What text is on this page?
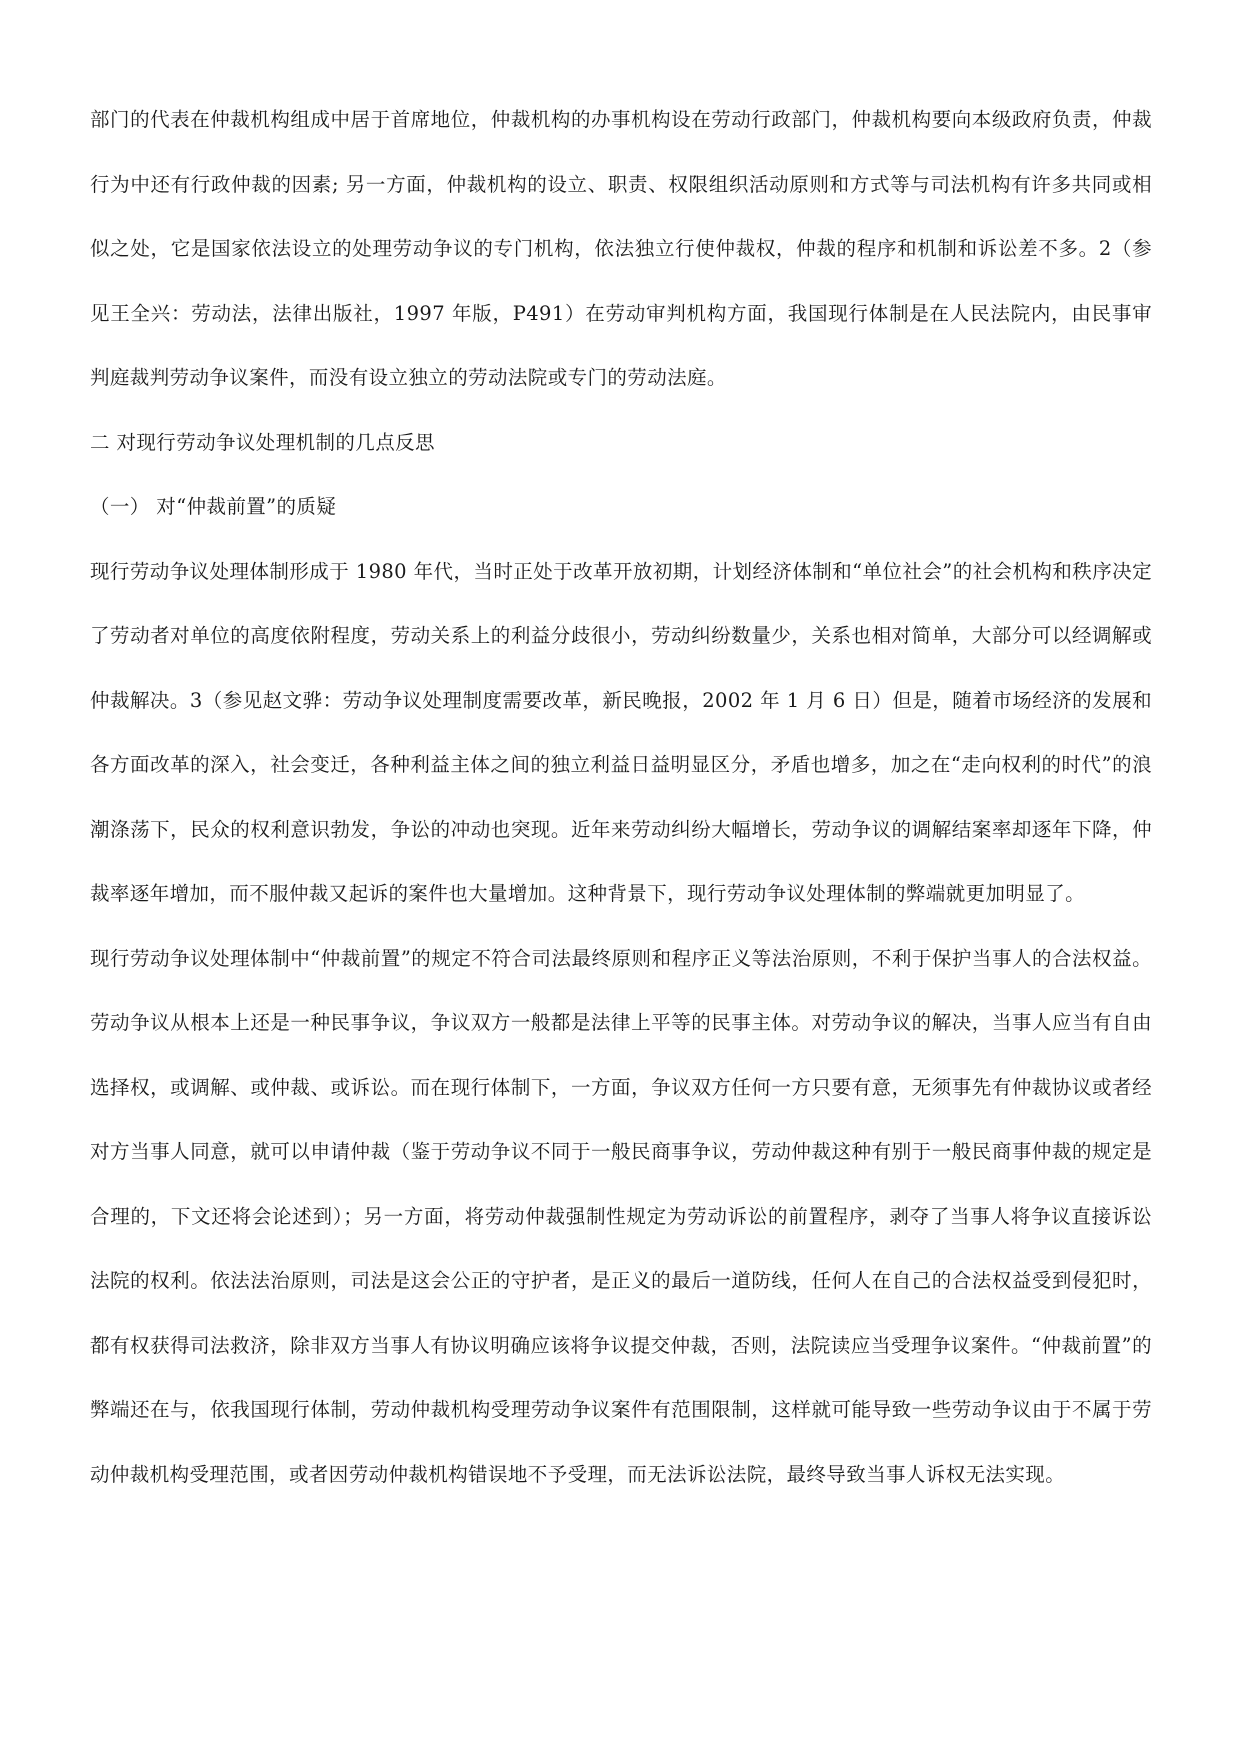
部门的代表在仲裁机构组成中居于首席地位，仲裁机构的办事机构设在劳动行政部门，仲裁机构要向本级政府负责，仲裁行为中还有行政仲裁的因素; 另一方面，仲裁机构的设立、职责、权限组织活动原则和方式等与司法机构有许多共同或相似之处，它是国家依法设立的处理劳动争议的专门机构，依法独立行使仲裁权，仲裁的程序和机制和诉讼差不多。2（参见王全兴：劳动法，法律出版社，1997 年版，P491）在劳动审判机构方面，我国现行体制是在人民法院内，由民事审判庭裁判劳动争议案件，而没有设立独立的劳动法院或专门的劳动法庭。

二 对现行劳动争议处理机制的几点反思

（一） 对“仲裁前置”的质疑

现行劳动争议处理体制形成于 1980 年代，当时正处于改革开放初期，计划经济体制和“单位社会”的社会机构和秩序决定了劳动者对单位的高度依附程度，劳动关系上的利益分歧很小，劳动纠纷数量少，关系也相对简单，大部分可以经调解或仲裁解决。3（参见赵文骅：劳动争议处理制度需要改革，新民晚报，2002 年 1 月 6 日）但是，随着市场经济的发展和各方面改革的深入，社会变迁，各种利益主体之间的独立利益日益明显区分，矛盾也增多，加之在“走向权利的时代”的浪潮涤荡下，民众的权利意识勃发，争讼的冲动也突现。近年来劳动纠纷大幅增长，劳动争议的调解结案率却逐年下降，仲裁率逐年增加，而不服仲裁又起诉的案件也大量增加。这种背景下，现行劳动争议处理体制的弊端就更加明显了。

现行劳动争议处理体制中“仲裁前置”的规定不符合司法最终原则和程序正义等法治原则，不利于保护当事人的合法权益。劳动争议从根本上还是一种民事争议，争议双方一般都是法律上平等的民事主体。对劳动争议的解决，当事人应当有自由选择权，或调解、或仲裁、或诉讼。而在现行体制下，一方面，争议双方任何一方只要有意，无须事先有仲裁协议或者经对方当事人同意，就可以申请仲裁（鉴于劳动争议不同于一般民商事争议，劳动仲裁这种有别于一般民商事仲裁的规定是合理的，下文还将会论述到）；另一方面，将劳动仲裁强制性规定为劳动诉讼的前置程序，剥夺了当事人将争议直接诉讼法院的权利。依法法治原则，司法是这会公正的守护者，是正义的最后一道防线，任何人在自己的合法权益受到侵犯时，都有权获得司法救济，除非双方当事人有协议明确应该将争议提交仲裁，否则，法院读应当受理争议案件。“仲裁前置”的弊端还在与，依我国现行体制，劳动仲裁机构受理劳动争议案件有范围限制，这样就可能导致一些劳动争议由于不属于劳动仲裁机构受理范围，或者因劳动仲裁机构错误地不予受理，而无法诉讼法院，最终导致当事人诉权无法实现。
